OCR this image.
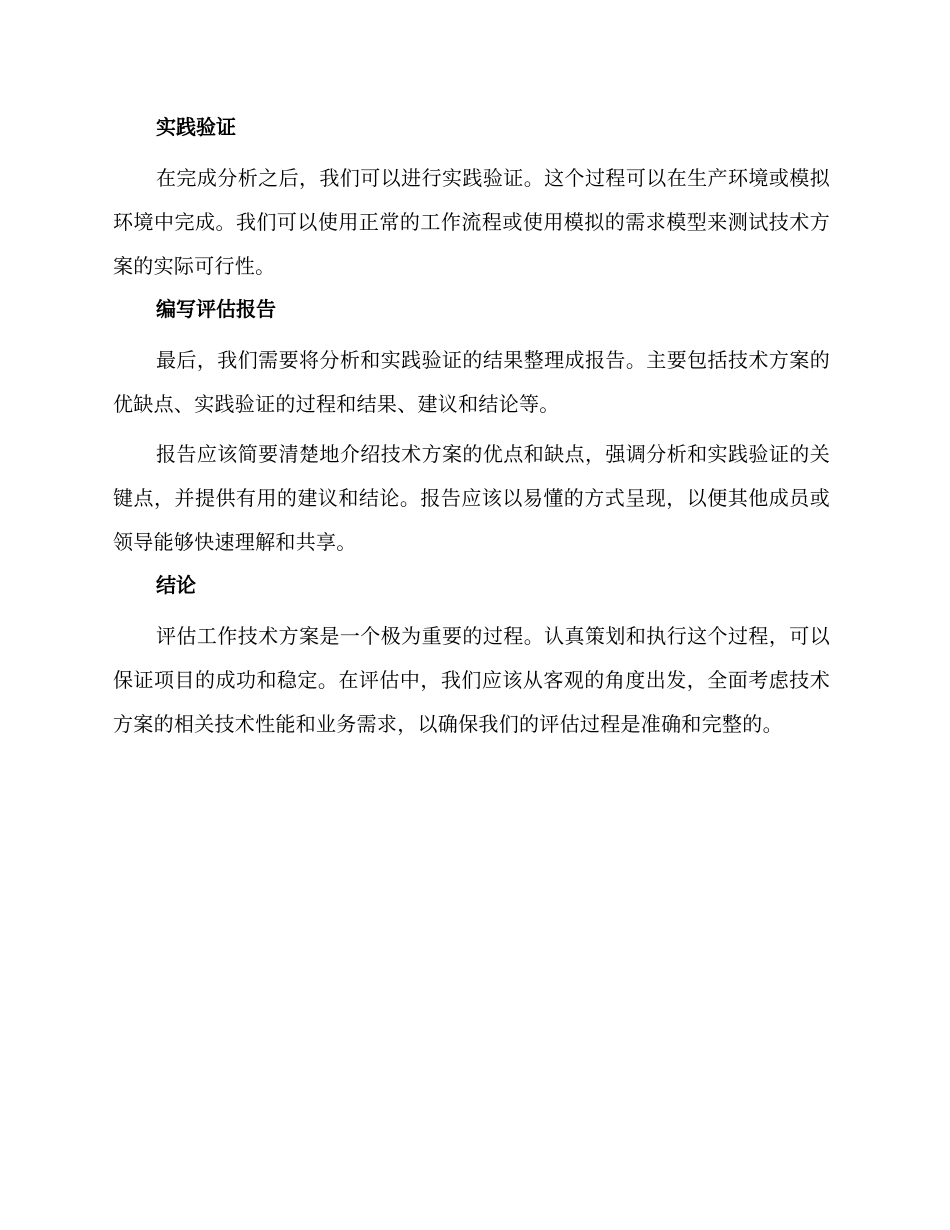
实践验证

在完成分析之后，我们可以进行实践验证。这个过程可以在生产环境或模拟环境中完成。我们可以使用正常的工作流程或使用模拟的需求模型来测试技术方案的实际可行性。

编写评估报告

最后，我们需要将分析和实践验证的结果整理成报告。主要包括技术方案的优缺点、实践验证的过程和结果、建议和结论等。

报告应该简要清楚地介绍技术方案的优点和缺点，强调分析和实践验证的关键点，并提供有用的建议和结论。报告应该以易懂的方式呈现，以便其他成员或领导能够快速理解和共享。

结论

评估工作技术方案是一个极为重要的过程。认真策划和执行这个过程，可以保证项目的成功和稳定。在评估中，我们应该从客观的角度出发，全面考虑技术方案的相关技术性能和业务需求，以确保我们的评估过程是准确和完整的。
